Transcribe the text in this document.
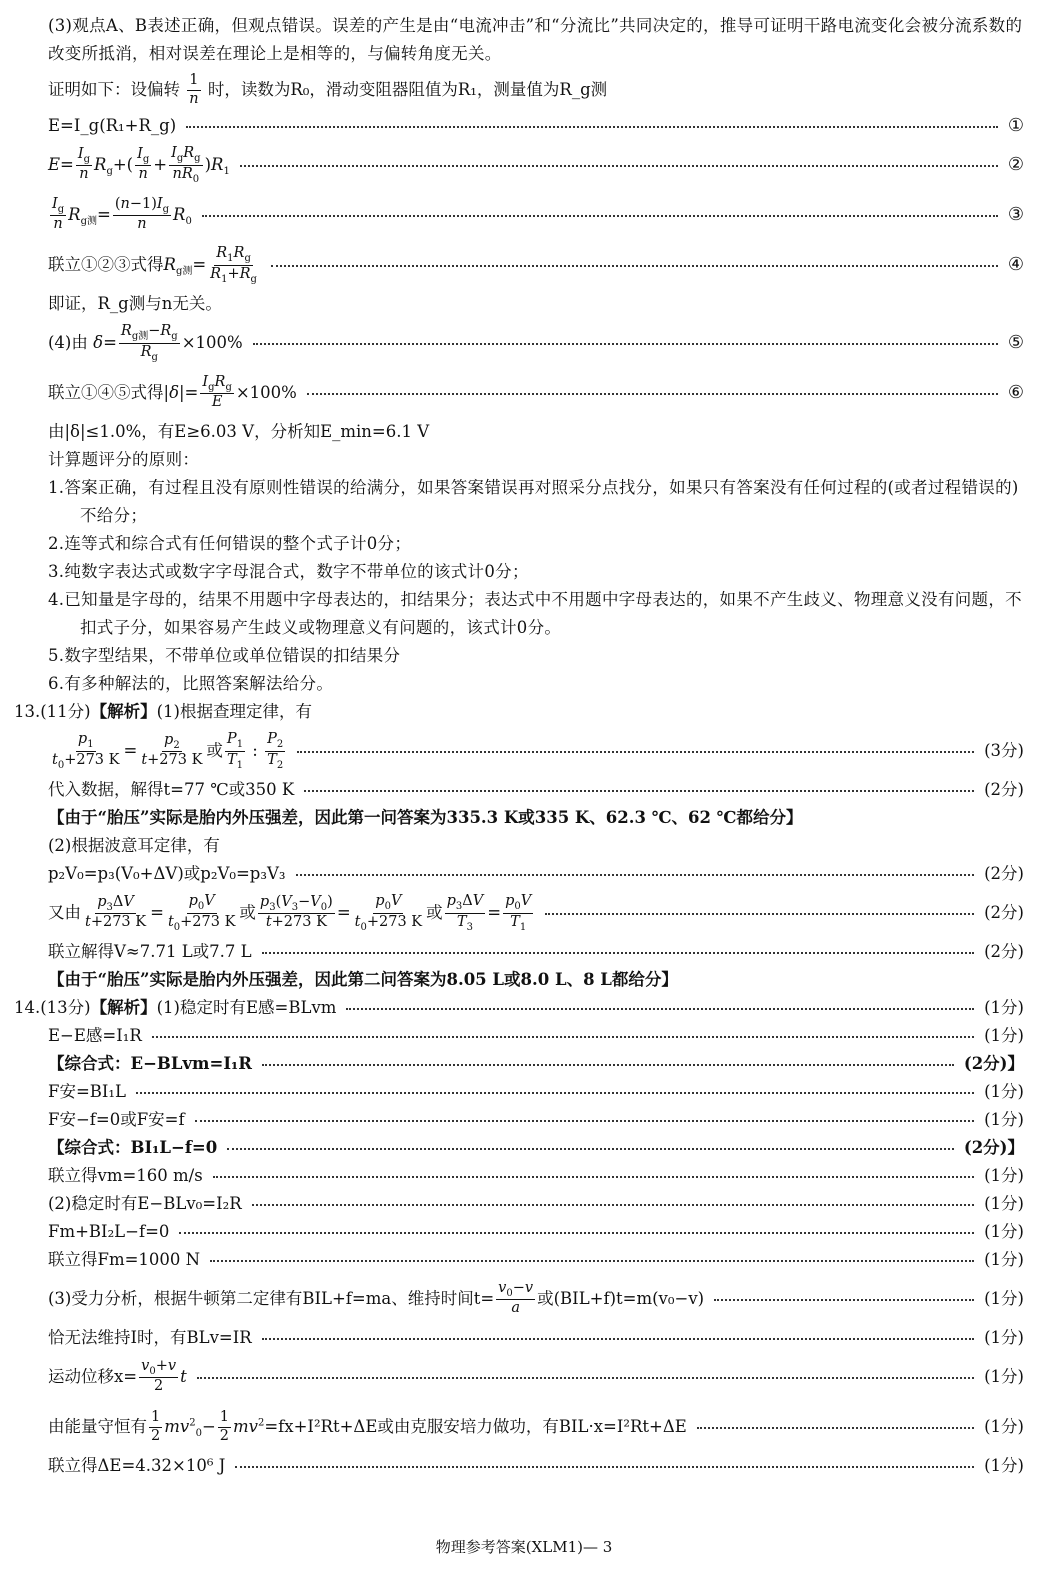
(3)观点A、B表述正确，但观点错误。误差的产生是由“电流冲击”和“分流比”共同决定的，推导可证明干路电流变化会被分流系数的改变所抵消，相对误差在理论上是相等的，与偏转角度无关。
证明如下：设偏转 $\frac{1}{n}$ 时，读数为R₀，滑动变阻器阻值为R₁，测量值为R_g测
E=I_g(R₁+R_g)	①
$E= \frac{I_g}{n} R_g+( \frac{I_g}{n} + \frac{I_gR_g}{nR_0} )R_1$	②
$\frac{I_g}{n} R_{g测}= \frac{(n-1)I_g}{n} R_0$	③
联立①②③式得$R_{g测}= \frac{R_1R_g}{R_1+R_g}$	④
即证，R_g测与n无关。
(4)由 $\delta= \frac{R_{g测}-R_g}{R_g} \times 100\%$	⑤
联立①④⑤式得$|\delta|= \frac{I_gR_g}{E} \times 100\%$	⑥
由|δ|≤1.0%，有E≥6.03 V，分析知E_min=6.1 V
计算题评分的原则：
1.答案正确，有过程且没有原则性错误的给满分，如果答案错误再对照采分点找分，如果只有答案没有任何过程的(或者过程错误的)不给分；
2.连等式和综合式有任何错误的整个式子计0分；
3.纯数字表达式或数字字母混合式，数字不带单位的该式计0分；
4.已知量是字母的，结果不用题中字母表达的，扣结果分；表达式中不用题中字母表达的，如果不产生歧义、物理意义没有问题，不扣式子分，如果容易产生歧义或物理意义有问题的，该式计0分。
5.数字型结果，不带单位或单位错误的扣结果分
6.有多种解法的，比照答案解法给分。
13.(11分)【解析】(1)根据查理定律，有
$\frac{p_1}{t_0+273 K} = \frac{p_2}{t+273 K}$ 或 $\frac{P_1}{T_1}$ : $\frac{P_2}{T_2}$	(3分)
代入数据，解得t=77 ℃或350 K	(2分)
【由于“胎压”实际是胎内外压强差，因此第一问答案为335.3 K或335 K、62.3 ℃、62 ℃都给分】
(2)根据波意耳定律，有
p₂V₀=p₃(V₀+ΔV)或p₂V₀=p₃V₃	(2分)
又由 $\frac{p_3\Delta V}{t+273 K} = \frac{p_0V}{t_0+273 K}$ 或 $\frac{p_3(V_3-V_0)}{t+273 K} = \frac{p_0V}{t_0+273 K}$ 或 $\frac{p_3\Delta V}{T_3} = \frac{p_0V}{T_1}$	(2分)
联立解得V≈7.71 L或7.7 L	(2分)
【由于“胎压”实际是胎内外压强差，因此第二问答案为8.05 L或8.0 L、8 L都给分】
14.(13分)【解析】(1)稳定时有E感=BLvm	(1分)
E−E感=I₁R	(1分)
【综合式：E−BLvm=I₁R	(2分)】
F安=BI₁L	(1分)
F安−f=0或F安=f	(1分)
【综合式：BI₁L−f=0	(2分)】
联立得vm=160 m/s	(1分)
(2)稳定时有E−BLv₀=I₂R	(1分)
Fm+BI₂L−f=0	(1分)
联立得Fm=1000 N	(1分)
(3)受力分析，根据牛顿第二定律有BIL+f=ma、维持时间$t= \frac{v_0-v}{a}$ 或(BIL+f)t=m(v₀−v)	(1分)
恰无法维持I时，有BLv=IR	(1分)
运动位移$x= \frac{v_0+v}{2}$ t	(1分)
由能量守恒有 $\frac{1}{2} mv^2_0- \frac{1}{2} mv^2=fx+I^2Rt+\Delta E$或由克服安培力做功，有BIL·x=I²Rt+ΔE	(1分)
联立得ΔE=4.32×10⁶ J	(1分)
物理参考答案(XLM1)— 3
